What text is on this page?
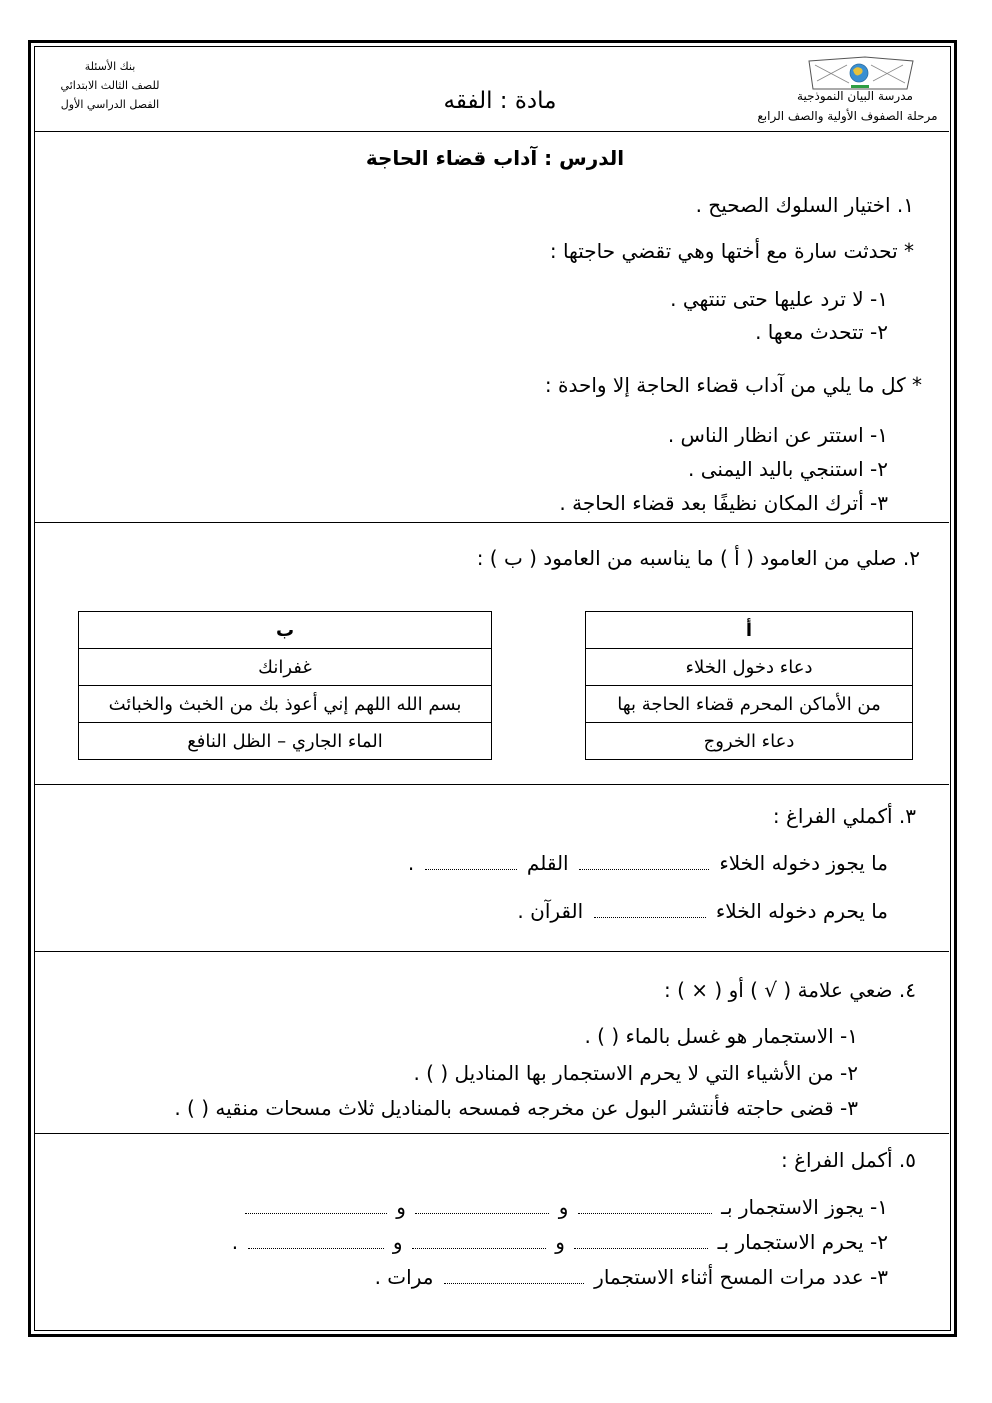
بنك الأسئلة
للصف الثالث الابتدائي
الفصل الدراسي الأول	مادة : الفقه	مدرسة البيان النموذجية
مرحلة الصفوف الأولية والصف الرابع
الدرس : آداب قضاء الحاجة
١. اختيار السلوك الصحيح .
* تحدثت سارة مع أختها وهي تقضي حاجتها :
١- لا ترد عليها حتى تنتهي .
٢- تتحدث معها .
* كل ما يلي من آداب قضاء الحاجة إلا واحدة :
١- استتر عن انظار الناس .
٢- استنجي باليد اليمنى .
٣- أترك المكان نظيفًا بعد قضاء الحاجة .
٢. صلي من العامود ( أ ) ما يناسبه من العامود ( ب ) :
أ
دعاء دخول الخلاء
من الأماكن المحرم قضاء الحاجة بها
دعاء الخروج
ب
غفرانك
بسم الله اللهم إني أعوذ بك من الخبث والخبائث
الماء الجاري – الظل النافع
٣. أكملي الفراغ :
ما يجوز دخوله الخلاء  القلم  .
ما يحرم دخوله الخلاء  القرآن .
٤. ضعي علامة ( √ ) أو ( × ) :
١- الاستجمار هو غسل بالماء ( ) .
٢- من الأشياء التي لا يحرم الاستجمار بها المناديل ( ) .
٣- قضى حاجته فأنتشر البول عن مخرجه فمسحه بالمناديل ثلاث مسحات منقيه ( ) .
٥. أكمل الفراغ :
١- يجوز الاستجمار بـ  و  و
٢- يحرم الاستجمار بـ  و  و  .
٣- عدد مرات المسح أثناء الاستجمار  مرات .
